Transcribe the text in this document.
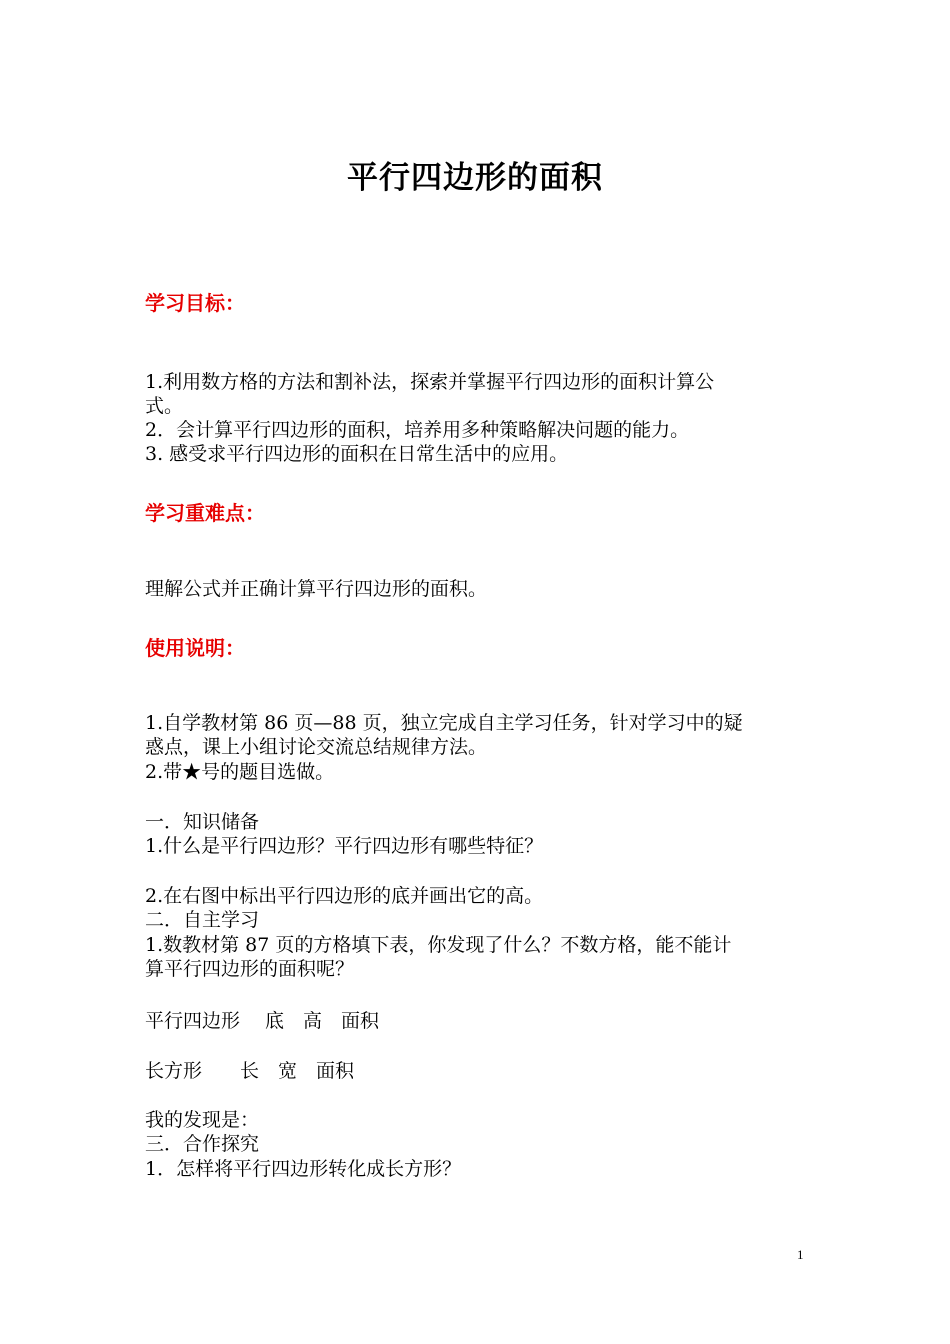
平行四边形的面积
学习目标：
1.利用数方格的方法和割补法，探索并掌握平行四边形的面积计算公
式。
2．会计算平行四边形的面积，培养用多种策略解决问题的能力。
3. 感受求平行四边形的面积在日常生活中的应用。
学习重难点：
理解公式并正确计算平行四边形的面积。
使用说明：
1.自学教材第 86 页—88 页，独立完成自主学习任务，针对学习中的疑
惑点，课上小组讨论交流总结规律方法。
2.带★号的题目选做。
一．知识储备
1.什么是平行四边形？平行四边形有哪些特征？
2.在右图中标出平行四边形的底并画出它的高。
二．自主学习
1.数教材第 87 页的方格填下表，你发现了什么？不数方格，能不能计
算平行四边形的面积呢？
平行四边形　 底　高　面积
长方形　　长　宽　面积
我的发现是：
三．合作探究
1．怎样将平行四边形转化成长方形？
1
